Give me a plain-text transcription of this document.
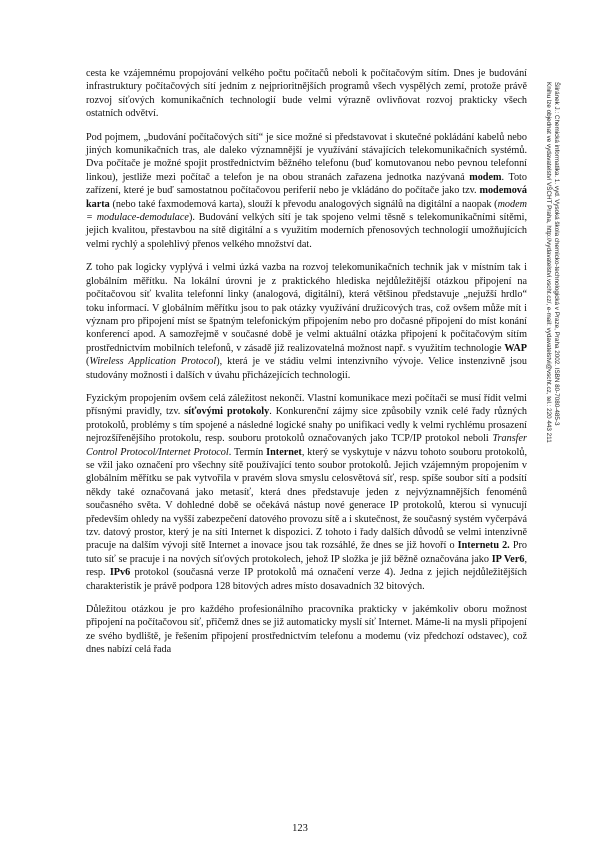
Šiiránek J.: Chemická informatika. 1. vyd. Vysoká škola chemicko-technologická v Praze, Praha 2002. ISBN 80-7080-485-3
Knihu lze objednat ve vydavatelství VŠCHT Praha, http://vydavatelstvi.vscht.cz/, e-mail: vydavatelstvi@vscht.cz, tel.: 220 443 211

cesta ke vzájemnému propojování velkého počtu počítačů neboli k počítačovým sítím. Dnes je budování infrastruktury počítačových sítí jedním z nejprioritnějších programů všech vyspělých zemí, protože právě rozvoj síťových komunikačních technologií bude velmi výrazně ovlivňovat rozvoj prakticky všech ostatních odvětví.

Pod pojmem, „budování počítačových sítí“ je sice možné si představovat i skutečné pokládání kabelů nebo jiných komunikačních tras, ale daleko významnější je využívání stávajících telekomunikačních systémů. Dva počítače je možné spojit prostřednictvím běžného telefonu (buď komutovanou nebo pevnou telefonní linkou), jestliže mezi počítač a telefon je na obou stranách zařazena jednotka nazývaná modem. Toto zařízení, které je buď samostatnou počítačovou periferií nebo je vkládáno do počítače jako tzv. modemová karta (nebo také faxmodemová karta), slouží k převodu analogových signálů na digitální a naopak (modem = modulace-demodulace). Budování velkých sítí je tak spojeno velmi těsně s telekomunikačními sítěmi, jejich kvalitou, přestavbou na sítě digitální a s využitím moderních přenosových technologií umožňujících velmi rychlý a spolehlivý přenos velkého množství dat.

Z toho pak logicky vyplývá i velmi úzká vazba na rozvoj telekomunikačních technik jak v místním tak i globálním měřítku. Na lokální úrovni je z praktického hlediska nejdůležitější otázkou připojení na počítačovou síť kvalita telefonní linky (analogová, digitální), která většinou představuje „nejužší hrdlo“ toku informací. V globálním měřítku jsou to pak otázky využívání družicových tras, což ovšem může mít i význam pro připojení míst se špatným telefonickým připojením nebo pro dočasné připojení do míst konání konferencí apod. A samozřejmě v současné době je velmi aktuální otázka připojení k počítačovým sítím prostřednictvím mobilních telefonů, v zásadě již realizovatelná možnost např. s využitím technologie WAP (Wireless Application Protocol), která je ve stádiu velmi intenzivního vývoje. Velice instenzivně jsou studovány možnosti i dalších v úvahu přicházejících technologií.

Fyzickým propojením ovšem celá záležitost nekončí. Vlastní komunikace mezi počítači se musí řídit velmi přísnými pravidly, tzv. síťovými protokoly. Konkurenční zájmy sice způsobily vznik celé řady různých protokolů, problémy s tím spojené a následné logické snahy po unifikaci vedly k velmi rychlému prosazení nejrozšířenějšího protokolu, resp. souboru protokolů označovaných jako TCP/IP protokol neboli Transfer Control Protocol/Internet Protocol. Termín Internet, který se vyskytuje v názvu tohoto souboru protokolů, se vžil jako označení pro všechny sítě používající tento soubor protokolů. Jejich vzájemným propojením v globálním měřítku se pak vytvořila v pravém slova smyslu celosvětová síť, resp. spíše soubor sítí a podsítí někdy také označovaná jako metasíť, která dnes představuje jeden z nejvýznamnějších fenoménů současného světa. V dohledné době se očekává nástup nové generace IP protokolů, kterou si vynucují především ohledy na vyšší zabezpečení datového provozu sítě a i skutečnost, že současný systém vyčerpává tzv. datový prostor, který je na síti Internet k dispozici. Z tohoto i řady dalších důvodů se velmi intenzivně pracuje na dalším vývoji sítě Internet a inovace jsou tak rozsáhlé, že dnes se již hovoří o Internetu 2. Pro tuto síť se pracuje i na nových síťových protokolech, jehož IP složka je již běžně označována jako IP Ver6, resp. IPv6 protokol (současná verze IP protokolů má označení verze 4). Jedna z jejich nejdůležitějších charakteristik je právě podpora 128 bitových adres místo dosavadních 32 bitových.

Důležitou otázkou je pro každého profesionálního pracovníka prakticky v jakémkoliv oboru možnost připojení na počítačovou síť, přičemž dnes se již automaticky myslí síť Internet. Máme-li na mysli připojení ze svého bydliště, je řešením připojení prostřednictvím telefonu a modemu (viz předchozí odstavec), což dnes nabízí celá řada

123
